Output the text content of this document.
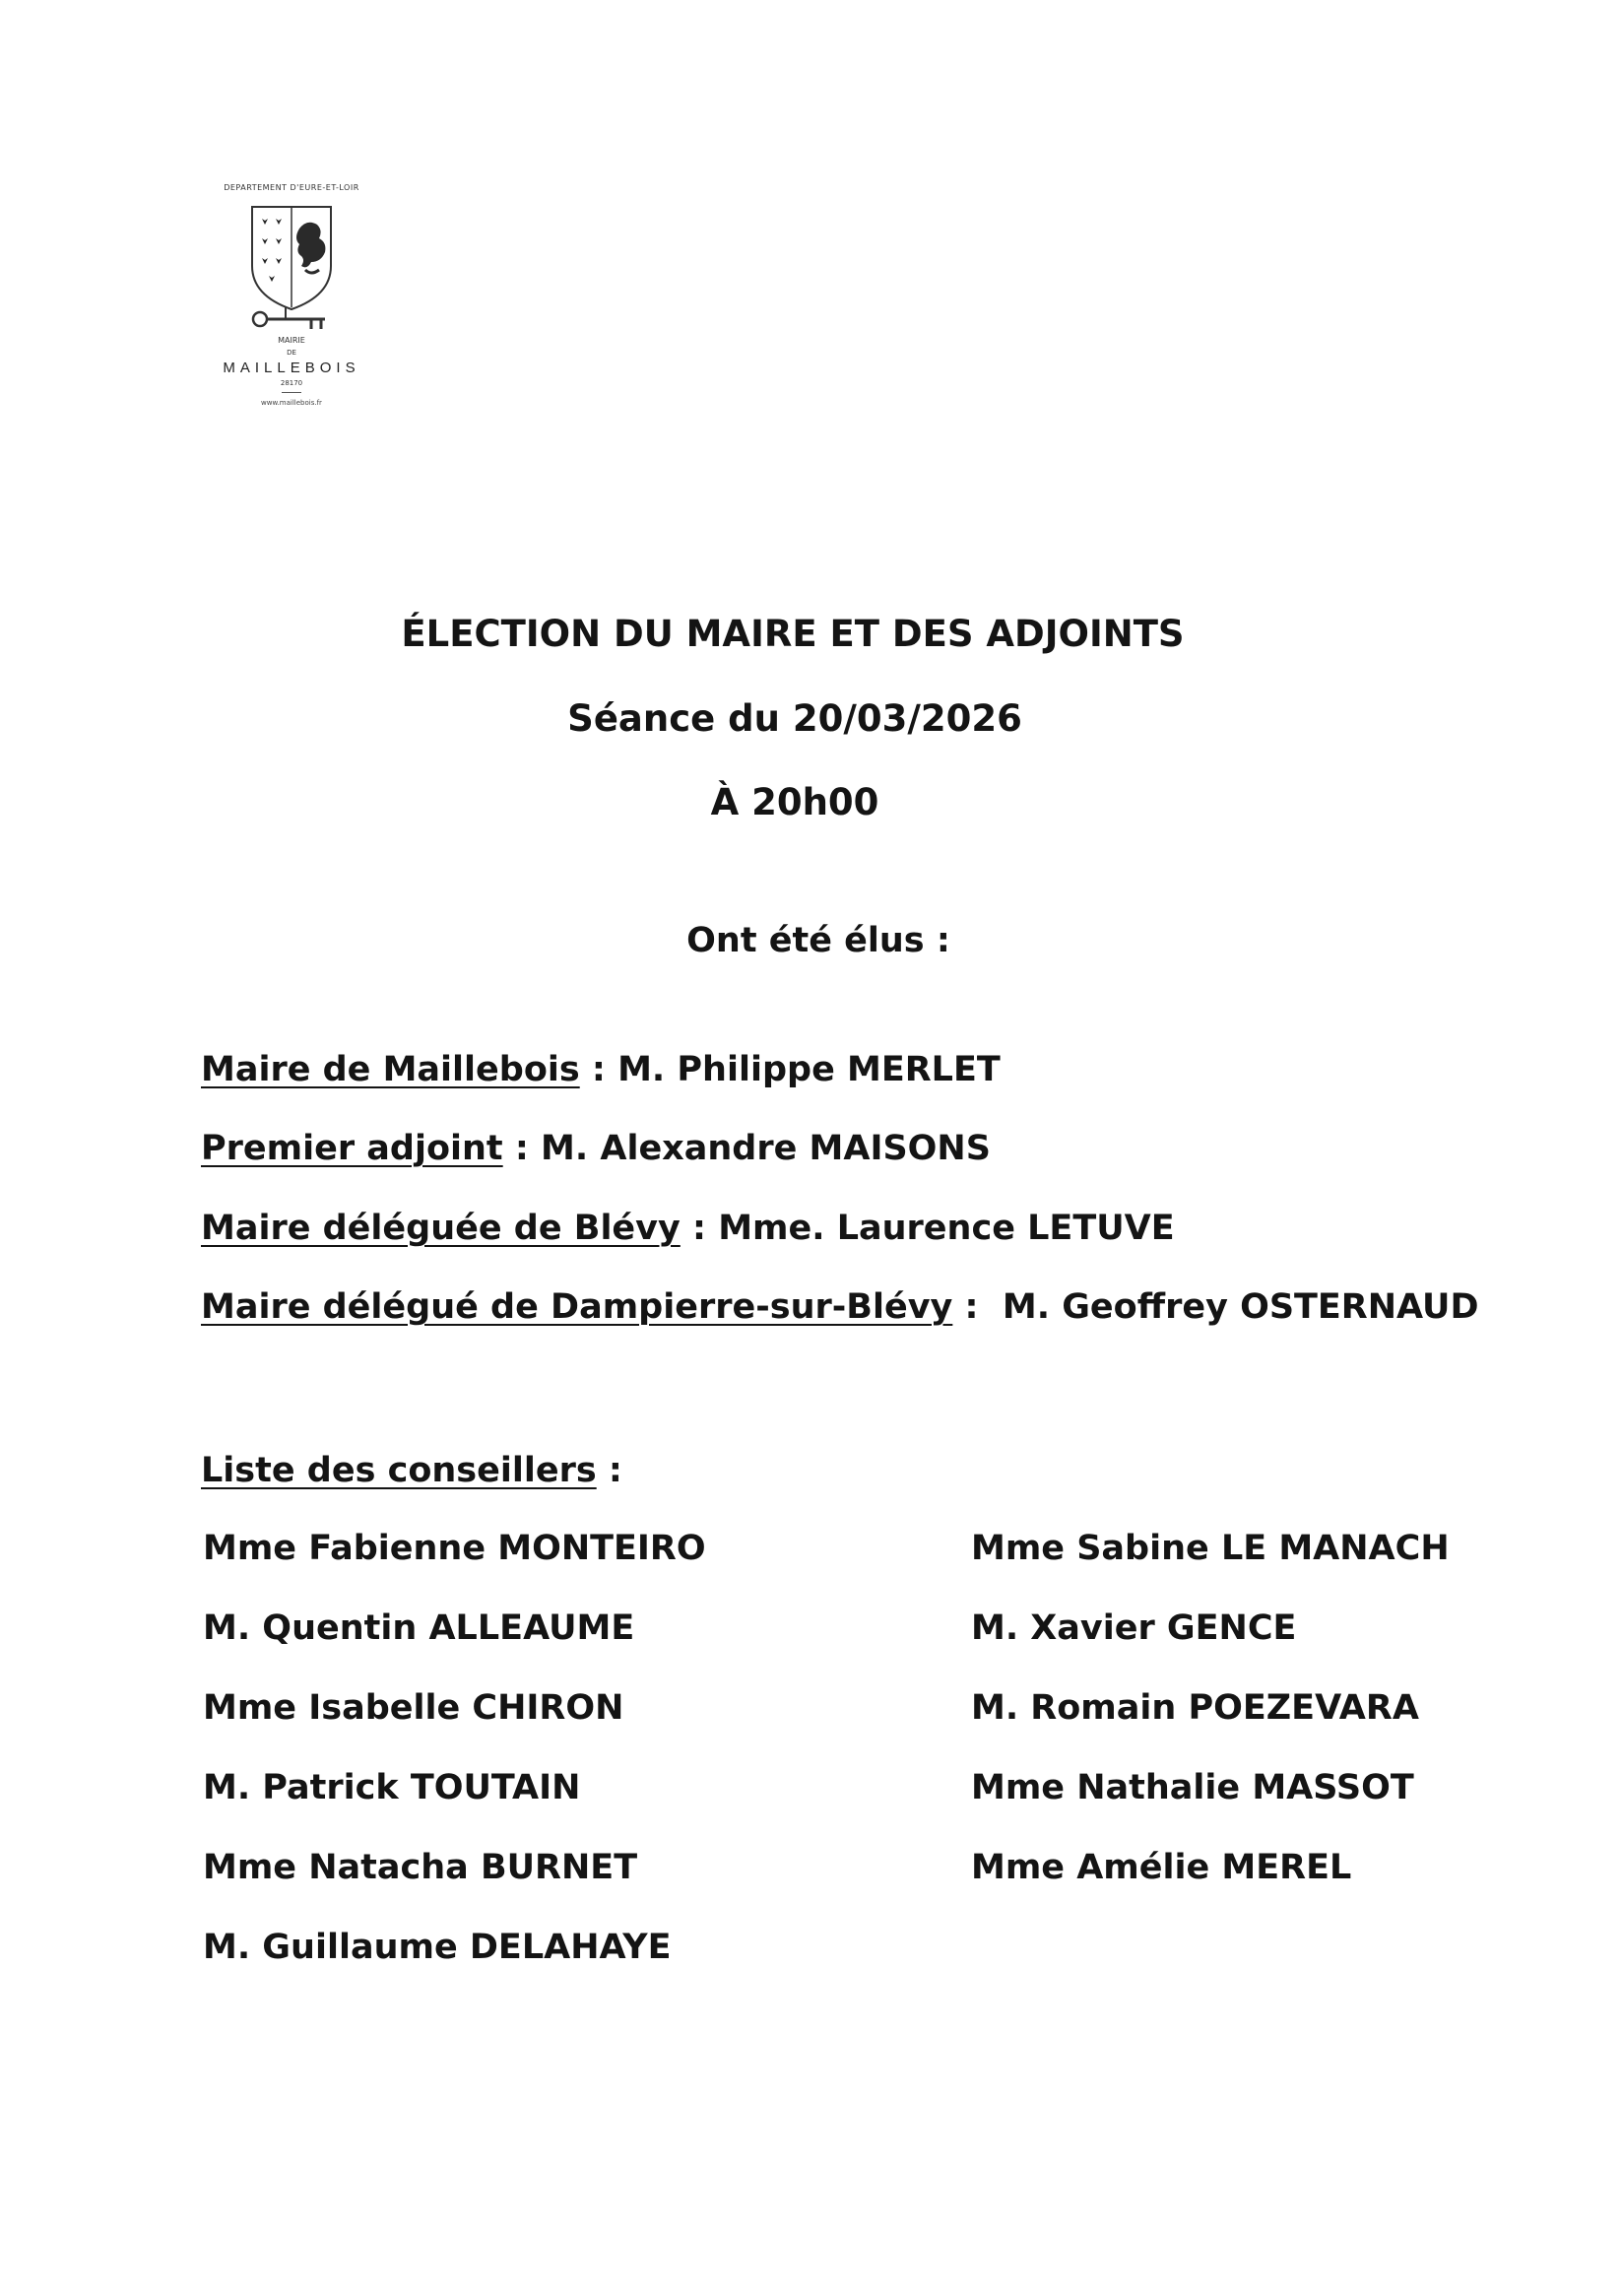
DEPARTEMENT D'EURE-ET-LOIR
MAIRIE
DE
MAILLEBOIS
28170
www.maillebois.fr
ÉLECTION DU MAIRE ET DES ADJOINTS
Séance du 20/03/2026
À 20h00
Ont été élus :
Maire de Maillebois : M. Philippe MERLET
Premier adjoint : M. Alexandre MAISONS
Maire déléguée de Blévy : Mme. Laurence LETUVE
Maire délégué de Dampierre-sur-Blévy :  M. Geoffrey OSTERNAUD
Liste des conseillers :
Mme Fabienne MONTEIRO
M. Quentin ALLEAUME
Mme Isabelle CHIRON
M. Patrick TOUTAIN
Mme Natacha BURNET
M. Guillaume DELAHAYE
Mme Sabine LE MANACH
M. Xavier GENCE
M. Romain POEZEVARA
Mme Nathalie MASSOT
Mme Amélie MEREL
